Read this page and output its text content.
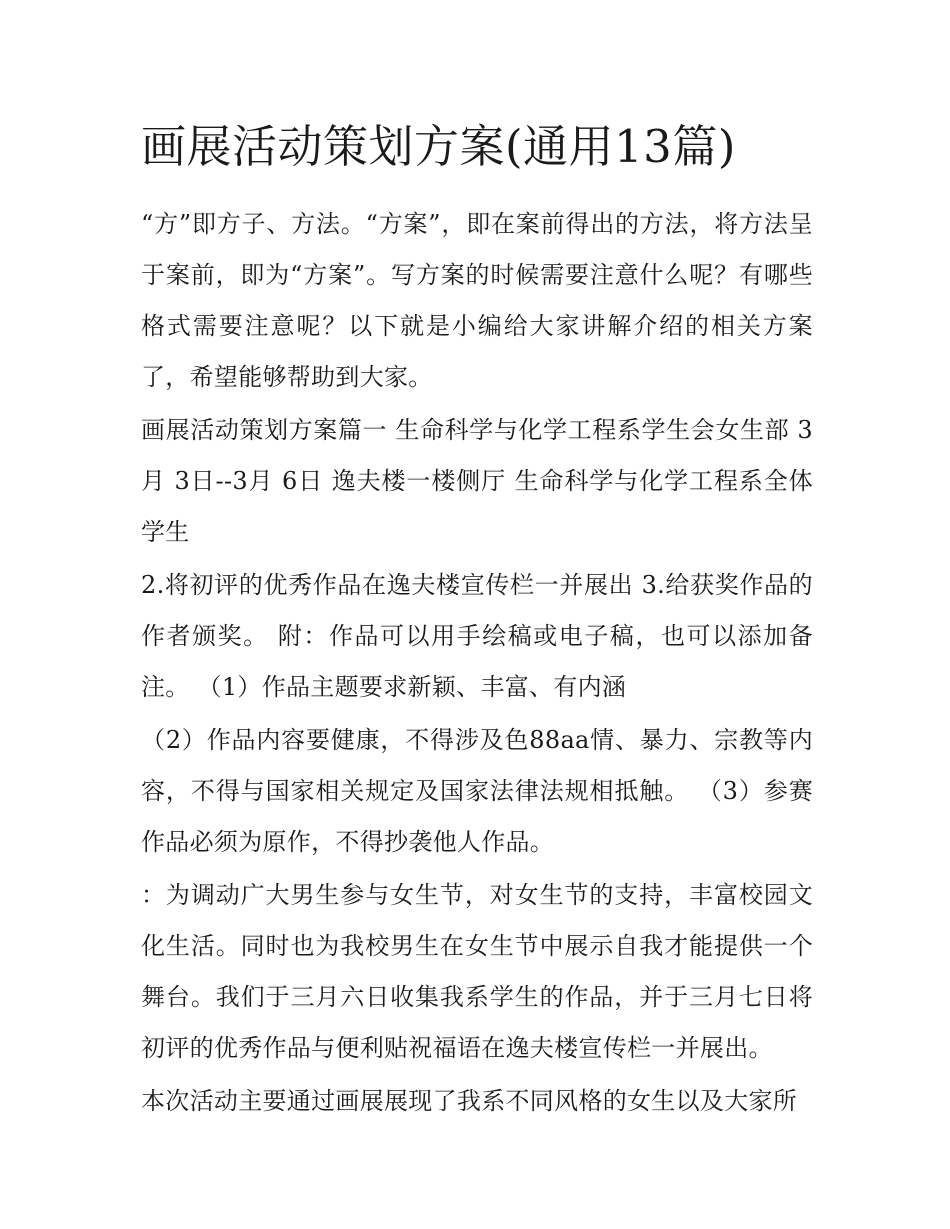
画展活动策划方案(通用13篇)

“方”即方子、方法。“方案”，即在案前得出的方法，将方法呈于案前，即为“方案”。写方案的时候需要注意什么呢？有哪些格式需要注意呢？以下就是小编给大家讲解介绍的相关方案了，希望能够帮助到大家。

画展活动策划方案篇一 生命科学与化学工程系学生会女生部 3月 3日--3月 6日 逸夫楼一楼侧厅 生命科学与化学工程系全体学生

2.将初评的优秀作品在逸夫楼宣传栏一并展出 3.给获奖作品的作者颁奖。 附：作品可以用手绘稿或电子稿，也可以添加备注。 （1）作品主题要求新颖、丰富、有内涵

（2）作品内容要健康，不得涉及色88aa情、暴力、宗教等内容，不得与国家相关规定及国家法律法规相抵触。 （3）参赛作品必须为原作，不得抄袭他人作品。

：为调动广大男生参与女生节，对女生节的支持，丰富校园文化生活。同时也为我校男生在女生节中展示自我才能提供一个舞台。我们于三月六日收集我系学生的作品，并于三月七日将初评的优秀作品与便利贴祝福语在逸夫楼宣传栏一并展出。

本次活动主要通过画展展现了我系不同风格的女生以及大家所
